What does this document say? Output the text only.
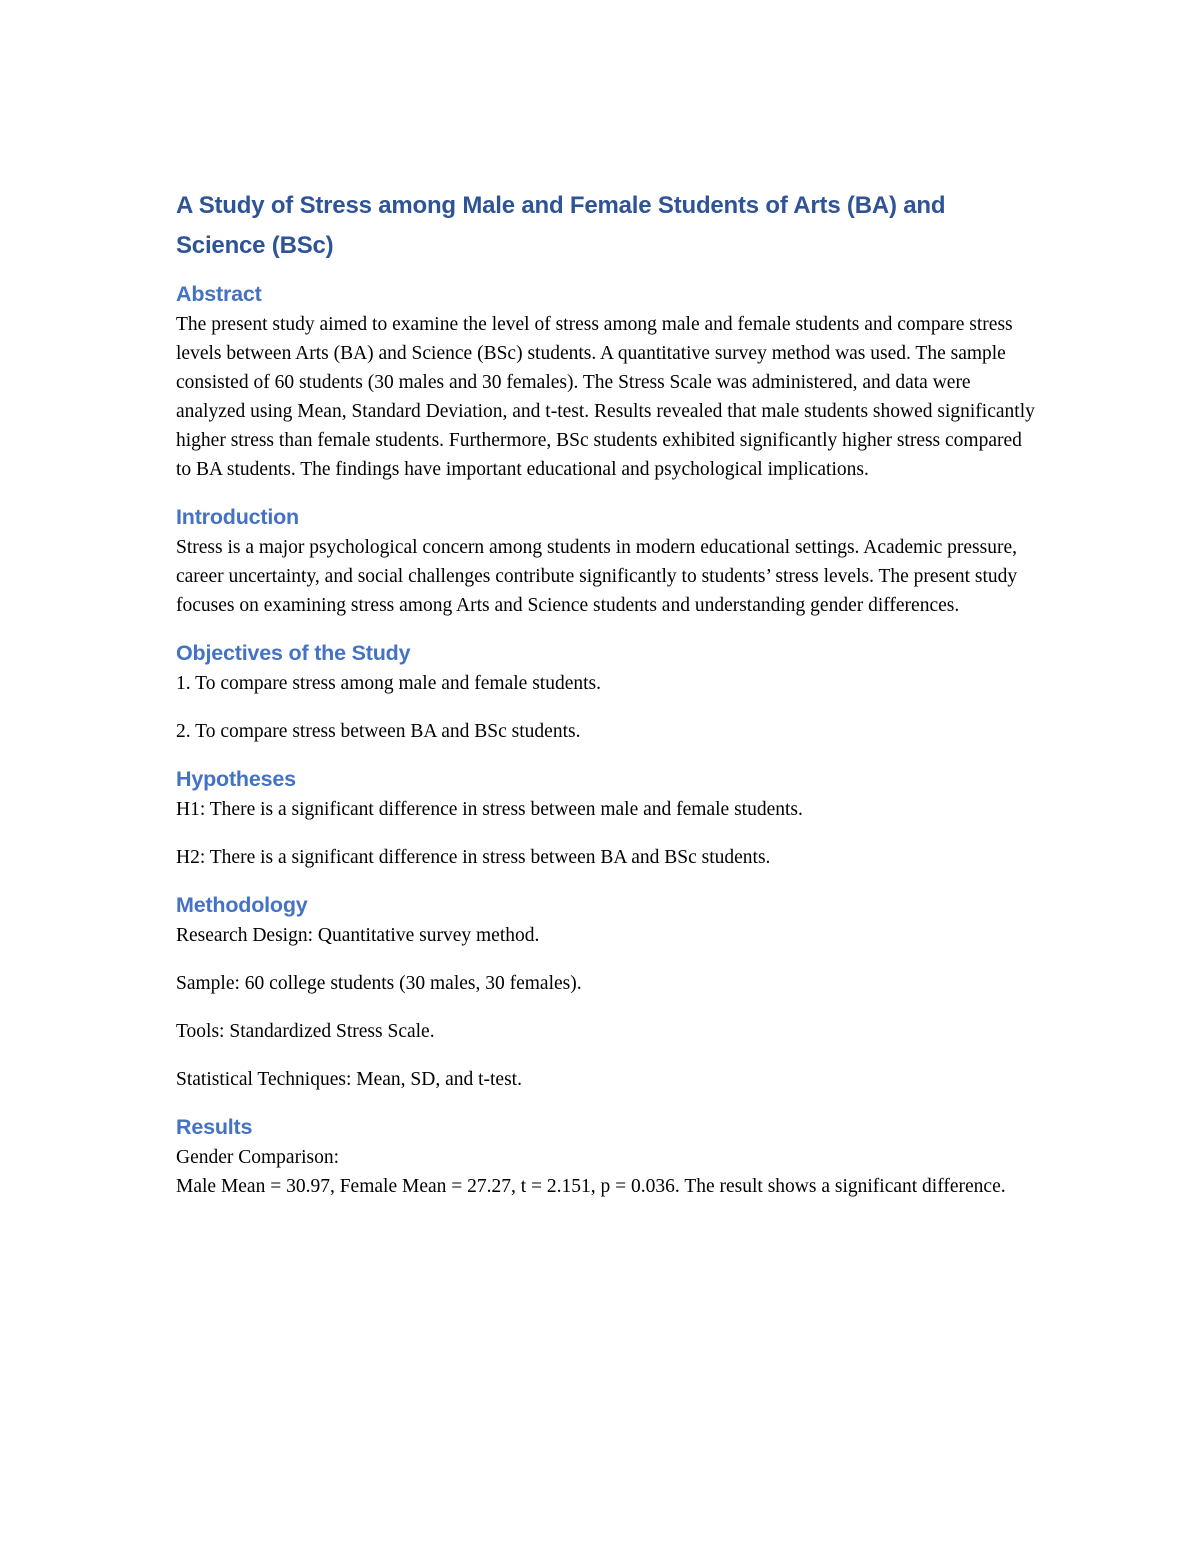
A Study of Stress among Male and Female Students of Arts (BA) and Science (BSc)
Abstract

The present study aimed to examine the level of stress among male and female students and compare stress levels between Arts (BA) and Science (BSc) students. A quantitative survey method was used. The sample consisted of 60 students (30 males and 30 females). The Stress Scale was administered, and data were analyzed using Mean, Standard Deviation, and t-test. Results revealed that male students showed significantly higher stress than female students. Furthermore, BSc students exhibited significantly higher stress compared to BA students. The findings have important educational and psychological implications.

Introduction

Stress is a major psychological concern among students in modern educational settings. Academic pressure, career uncertainty, and social challenges contribute significantly to students’ stress levels. The present study focuses on examining stress among Arts and Science students and understanding gender differences.

Objectives of the Study

1. To compare stress among male and female students.

2. To compare stress between BA and BSc students.

Hypotheses

H1: There is a significant difference in stress between male and female students.

H2: There is a significant difference in stress between BA and BSc students.

Methodology

Research Design: Quantitative survey method.

Sample: 60 college students (30 males, 30 females).

Tools: Standardized Stress Scale.

Statistical Techniques: Mean, SD, and t-test.

Results

Gender Comparison:

Male Mean = 30.97, Female Mean = 27.27, t = 2.151, p = 0.036. The result shows a significant difference.
